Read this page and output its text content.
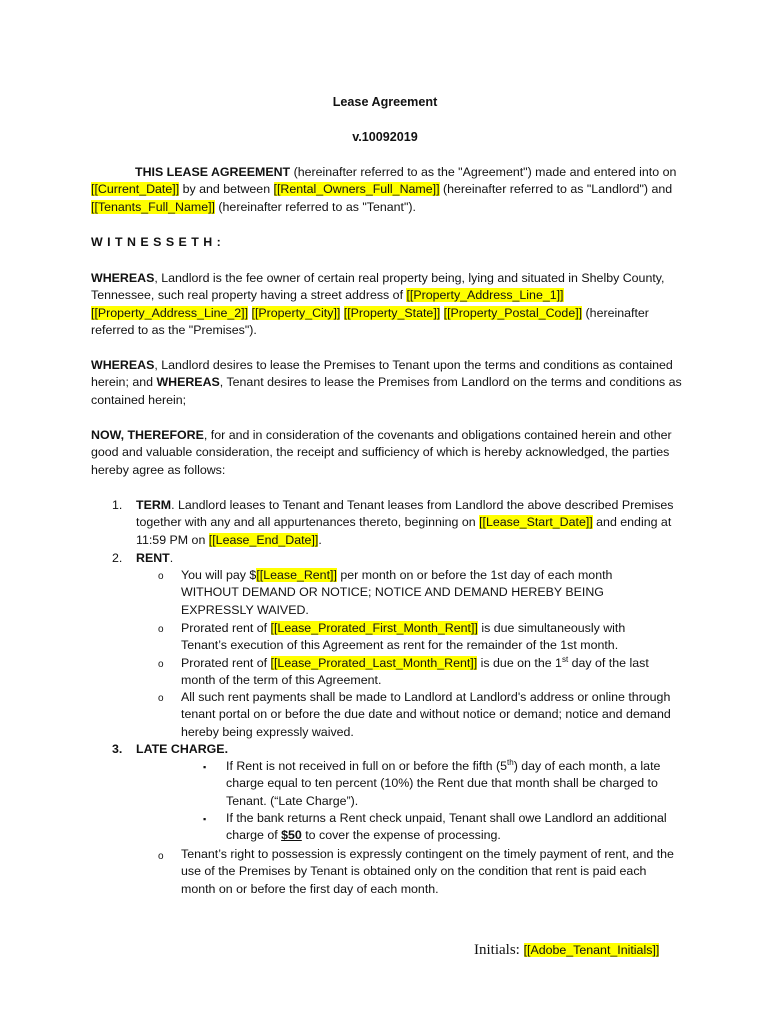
Lease Agreement
v.10092019

THIS LEASE AGREEMENT (hereinafter referred to as the "Agreement") made and entered into on [[Current_Date]] by and between [[Rental_Owners_Full_Name]] (hereinafter referred to as "Landlord") and [[Tenants_Full_Name]] (hereinafter referred to as "Tenant").

W I T N E S S E T H :

WHEREAS, Landlord is the fee owner of certain real property being, lying and situated in Shelby County, Tennessee, such real property having a street address of [[Property_Address_Line_1]] [[Property_Address_Line_2]] [[Property_City]] [[Property_State]] [[Property_Postal_Code]] (hereinafter referred to as the "Premises").

WHEREAS, Landlord desires to lease the Premises to Tenant upon the terms and conditions as contained herein; and WHEREAS, Tenant desires to lease the Premises from Landlord on the terms and conditions as contained herein;

NOW, THEREFORE, for and in consideration of the covenants and obligations contained herein and other good and valuable consideration, the receipt and sufficiency of which is hereby acknowledged, the parties hereby agree as follows:

1.	TERM. Landlord leases to Tenant and Tenant leases from Landlord the above described Premises together with any and all appurtenances thereto, beginning on [[Lease_Start_Date]] and ending at 11:59 PM on [[Lease_End_Date]].

2.	RENT.

o	You will pay $[[Lease_Rent]] per month on or before the 1st day of each month WITHOUT DEMAND OR NOTICE; NOTICE AND DEMAND HEREBY BEING EXPRESSLY WAIVED.

o	Prorated rent of [[Lease_Prorated_First_Month_Rent]] is due simultaneously with Tenant’s execution of this Agreement as rent for the remainder of the 1st month.

o	Prorated rent of [[Lease_Prorated_Last_Month_Rent]] is due on the 1st day of the last month of the term of this Agreement.

o	All such rent payments shall be made to Landlord at Landlord's address or online through tenant portal on or before the due date and without notice or demand; notice and demand hereby being expressly waived.

3.	LATE CHARGE.

▪	If Rent is not received in full on or before the fifth (5th) day of each month, a late charge equal to ten percent (10%) the Rent due that month shall be charged to Tenant. (“Late Charge”).

▪	If the bank returns a Rent check unpaid, Tenant shall owe Landlord an additional charge of $50 to cover the expense of processing.

o	Tenant’s right to possession is expressly contingent on the timely payment of rent, and the use of the Premises by Tenant is obtained only on the condition that rent is paid each month on or before the first day of each month.

Initials: [[Adobe_Tenant_Initials]]
